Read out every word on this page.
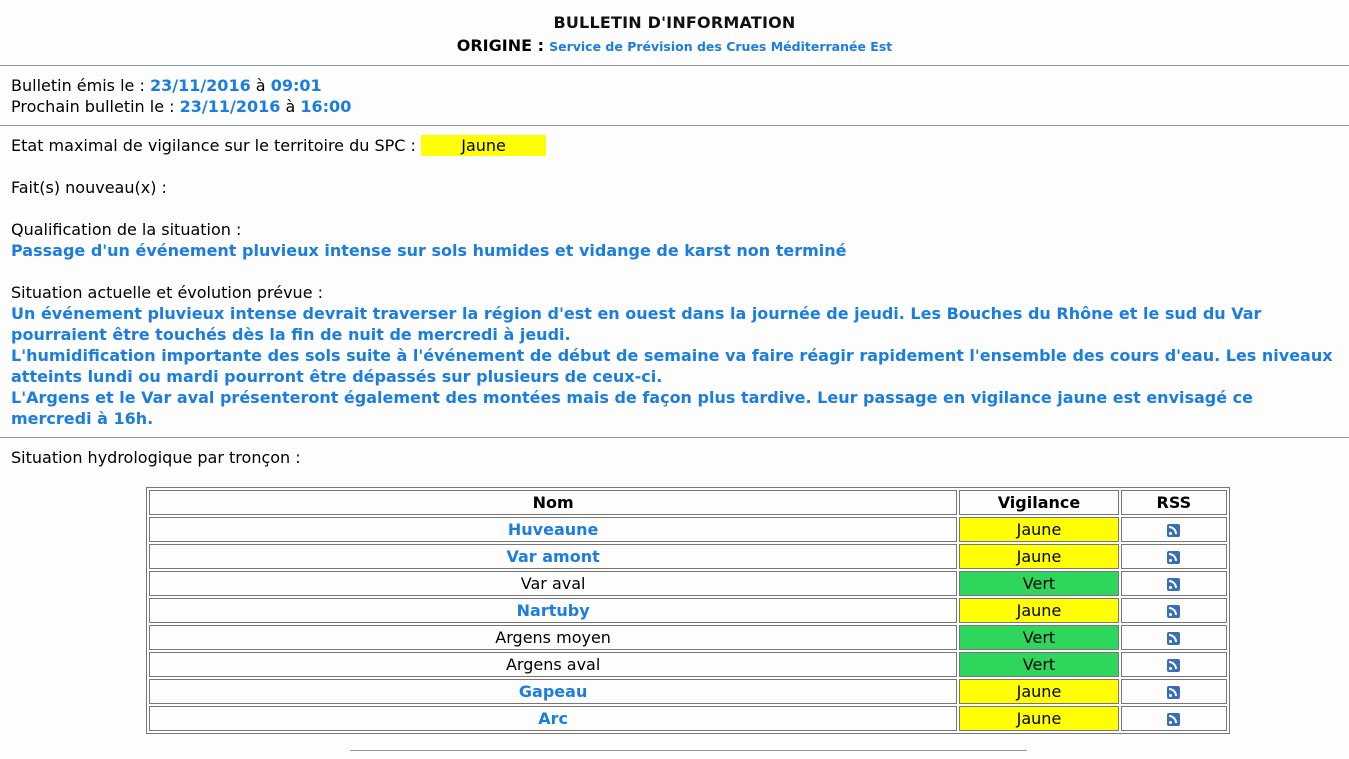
BULLETIN D'INFORMATION
ORIGINE : Service de Prévision des Crues Méditerranée Est
Bulletin émis le : 23/11/2016 à 09:01
Prochain bulletin le : 23/11/2016 à 16:00
Etat maximal de vigilance sur le territoire du SPC :	Jaune
Fait(s) nouveau(x) :
Qualification de la situation :
Passage d'un événement pluvieux intense sur sols humides et vidange de karst non terminé
Situation actuelle et évolution prévue :
Un événement pluvieux intense devrait traverser la région d'est en ouest dans la journée de jeudi. Les Bouches du Rhône et le sud du Var pourraient être touchés dès la fin de nuit de mercredi à jeudi.
L'humidification importante des sols suite à l'événement de début de semaine va faire réagir rapidement l'ensemble des cours d'eau. Les niveaux atteints lundi ou mardi pourront être dépassés sur plusieurs de ceux-ci.
L'Argens et le Var aval présenteront également des montées mais de façon plus tardive. Leur passage en vigilance jaune est envisagé ce mercredi à 16h.
Situation hydrologique par tronçon :
Nom	Vigilance	RSS
Huveaune	Jaune	
Var amont	Jaune	
Var aval	Vert	
Nartuby	Jaune	
Argens moyen	Vert	
Argens aval	Vert	
Gapeau	Jaune	
Arc	Jaune	
